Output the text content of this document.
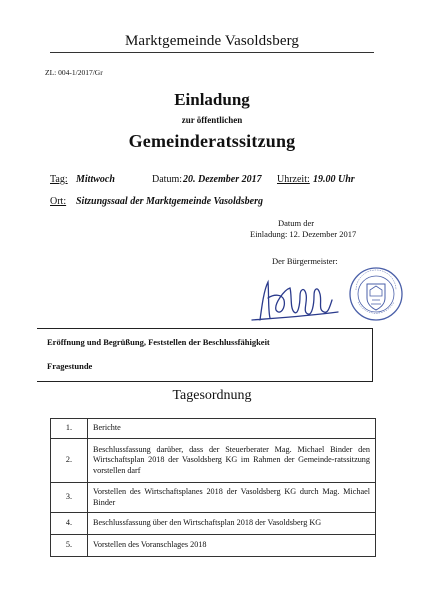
Marktgemeinde Vasoldsberg
ZL: 004-1/2017/Gr
Einladung
zur öffentlichen
Gemeinderatssitzung
Tag: Mittwoch	Datum: 20. Dezember 2017 Uhrzeit: 19.00 Uhr
Ort: Sitzungssaal der Marktgemeinde Vasoldsberg
Datum der
Einladung: 12. Dezember 2017
Der Bürgermeister:
Eröffnung und Begrüßung, Feststellen der Beschlussfähigkeit
Fragestunde
Tagesordnung
1.	Berichte
2.	Beschlussfassung darüber, dass der Steuerberater Mag. Michael Binder den Wirtschaftsplan 2018 der Vasoldsberg KG im Rahmen der Gemeinde-ratssitzung vorstellen darf
3.	Vorstellen des Wirtschaftsplanes 2018 der Vasoldsberg KG durch Mag. Michael Binder
4.	Beschlussfassung über den Wirtschaftsplan 2018 der Vasoldsberg KG
5.	Vorstellen des Voranschlages 2018
